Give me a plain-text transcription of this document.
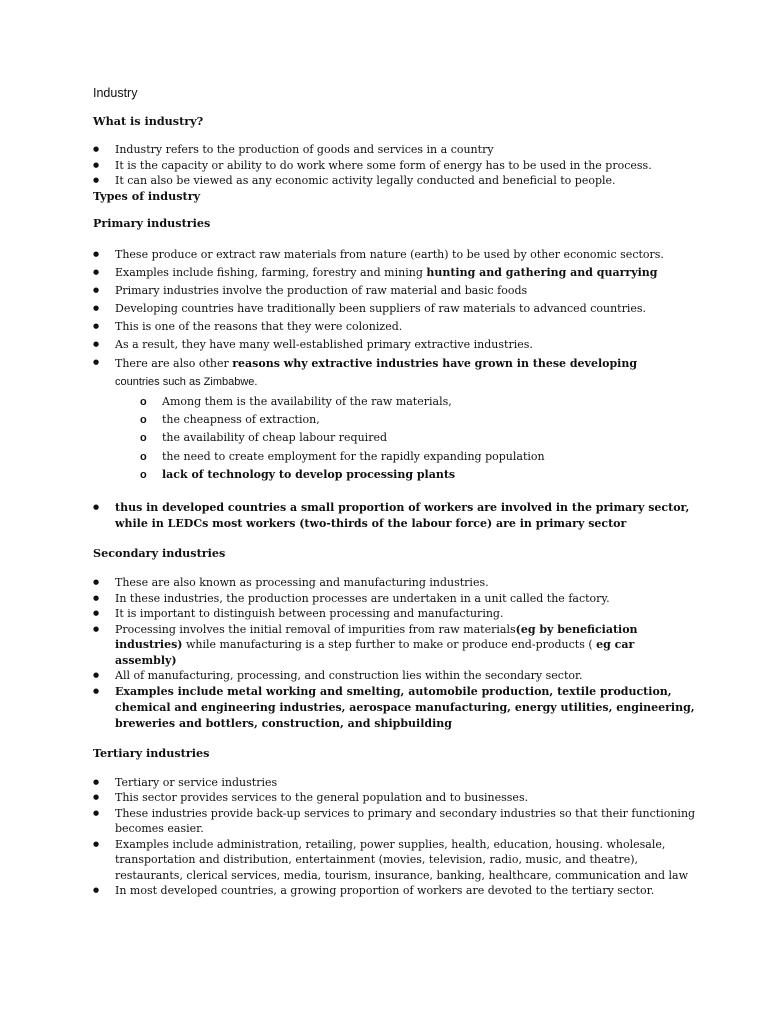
Industry
What is industry?
● Industry refers to the production of goods and services in a country
● It is the capacity or ability to do work where some form of energy has to be used in the process.
● It can also be viewed as any economic activity legally conducted and beneficial to people.
Types of industry
Primary industries
● These produce or extract raw materials from nature (earth) to be used by other economic sectors.
● Examples include fishing, farming, forestry and mining hunting and gathering and quarrying
● Primary industries involve the production of raw material and basic foods
● Developing countries have traditionally been suppliers of raw materials to advanced countries.
● This is one of the reasons that they were colonized.
● As a result, they have many well-established primary extractive industries.
● There are also other reasons why extractive industries have grown in these developing
countries such as Zimbabwe.
o Among them is the availability of the raw materials,
o the cheapness of extraction,
o the availability of cheap labour required
o the need to create employment for the rapidly expanding population
o lack of technology to develop processing plants
● thus in developed countries a small proportion of workers are involved in the primary sector, while in LEDCs most workers (two-thirds of the labour force) are in primary sector
Secondary industries
● These are also known as processing and manufacturing industries.
● In these industries, the production processes are undertaken in a unit called the factory.
● It is important to distinguish between processing and manufacturing.
● Processing involves the initial removal of impurities from raw materials(eg by beneficiation industries) while manufacturing is a step further to make or produce end-products ( eg car assembly)
● All of manufacturing, processing, and construction lies within the secondary sector.
● Examples include metal working and smelting, automobile production, textile production, chemical and engineering industries, aerospace manufacturing, energy utilities, engineering, breweries and bottlers, construction, and shipbuilding
Tertiary industries
● Tertiary or service industries
● This sector provides services to the general population and to businesses.
● These industries provide back-up services to primary and secondary industries so that their functioning becomes easier.
● Examples include administration, retailing, power supplies, health, education, housing. wholesale, transportation and distribution, entertainment (movies, television, radio, music, and theatre), restaurants, clerical services, media, tourism, insurance, banking, healthcare, communication and law
● In most developed countries, a growing proportion of workers are devoted to the tertiary sector.
